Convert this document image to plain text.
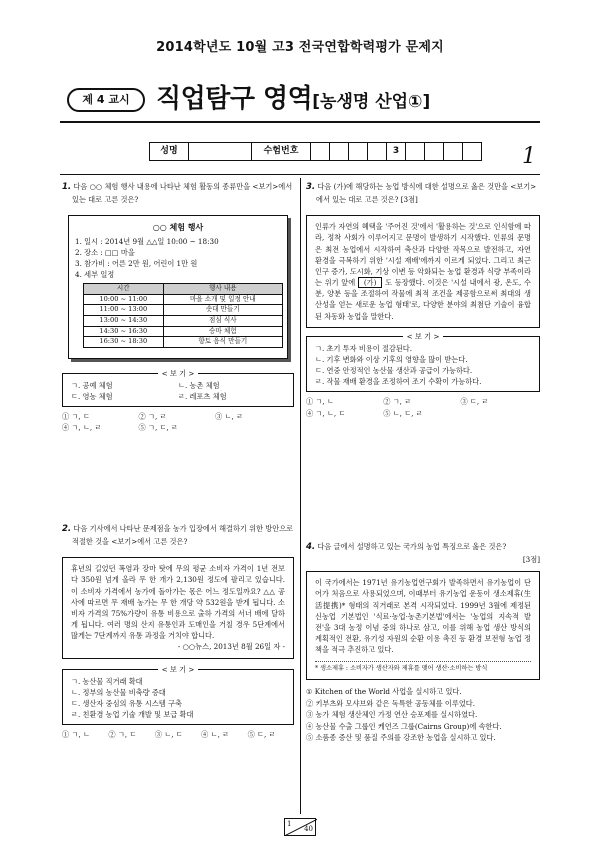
2014학년도 10월 고3 전국연합학력평가 문제지
제 4 교시	직업탐구 영역[농생명 산업①]
성명	수험번호	3	1
1. 다음 ○○ 체험 행사 내용에 나타난 체험 활동의 종류만을 <보기>에서 있는 대로 고른 것은?
○○ 체험 행사
1. 일시 : 2014년 9월 △△일 10:00 ~ 18:30
2. 장소 : □□ 마을
3. 참가비 : 어른 2만 원, 어린이 1만 원
4. 세부 일정
시간	행사 내용
10:00 ~ 11:00	마을 소개 및 일정 안내
11:00 ~ 13:00	솟대 만들기
13:00 ~ 14:30	점심 식사
14:30 ~ 16:30	승마 체험
16:30 ~ 18:30	향토 음식 만들기
< 보 기 >
ㄱ. 공예 체험	ㄴ. 농촌 체험
ㄷ. 영농 체험	ㄹ. 레포츠 체험
① ㄱ, ㄷ	② ㄱ, ㄹ	③ ㄴ, ㄹ
④ ㄱ, ㄴ, ㄹ	⑤ ㄱ, ㄷ, ㄹ
2. 다음 기사에서 나타난 문제점을 농가 입장에서 해결하기 위한 방안으로 적절한 것을 <보기>에서 고른 것은?
휴년의 길었던 폭염과 장마 탓에 무의 평균 소비자 가격이 1년 전보다 350원 넘게 올라 무 한 개가 2,130원 정도에 팔리고 있습니다. 이 소비자 가격에서 농가에 돌아가는 몫은 어느 정도일까요? △△ 공사에 따르면 무 재배 농가는 무 한 개당 약 532원을 받게 됩니다. 소비자 가격의 75%가량이 유통 비용으로 출하 가격의 서너 배에 달하게 됩니다. 여러 명의 산지 유통인과 도매인을 거칠 경우 5단계에서 많게는 7단계까지 유통 과정을 거치야 합니다.
- ○○뉴스, 2013년 8월 26일 자 -
< 보 기 >
ㄱ. 농산물 직거래 확대
ㄴ. 정부의 농산물 비축량 증대
ㄷ. 생산자 중심의 유통 시스템 구축
ㄹ. 친환경 농업 기술 개발 및 보급 확대
① ㄱ, ㄴ	② ㄱ, ㄷ	③ ㄴ, ㄷ	④ ㄴ, ㄹ	⑤ ㄷ, ㄹ
3. 다음 (가)에 해당하는 농업 방식에 대한 설명으로 옳은 것만을 <보기>에서 있는 대로 고른 것은? [3점]
인류가 자연의 혜택을 '주어진 것'에서 '활용하는 것'으로 인식함에 따라, 정착 사회가 이루어지고 문명이 발생하기 시작했다. 인류의 문명은 최전 농업에서 시작하여 축산과 다양한 작목으로 발전하고, 자연 환경을 극복하기 위한 '시설 재배'에까지 이르게 되었다. 그리고 최근 인구 증가, 도시화, 기상 이변 등 악화되는 농업 환경과 식량 부족이라는 위기 앞에 (가) 도 등장했다. 이것은 '시설 내에서 광, 온도, 수분, 양분 등을 조절하여 작물에 최적 조건을 제공함으로써 최대의 생산성을 얻는 새로운 농업 형태'로, 다양한 분야의 최첨단 기술이 융합된 차동화 농업을 말한다.
< 보 기 >
ㄱ. 초기 투자 비용이 절감된다.
ㄴ. 기후 변화와 이상 기후의 영향을 많이 받는다.
ㄷ. 연중 안정적인 농산물 생산과 공급이 가능하다.
ㄹ. 작물 재배 환경을 조정하여 조기 수확이 가능하다.
① ㄱ, ㄴ	② ㄱ, ㄹ	③ ㄷ, ㄹ
④ ㄱ, ㄴ, ㄷ	⑤ ㄴ, ㄷ, ㄹ
4. 다음 글에서 설명하고 있는 국가의 농업 특징으로 옳은 것은?
[3점]
이 국가에서는 1971년 유기농업연구회가 발족하면서 유기농업이 단어가 처음으로 사용되었으며, 이때부터 유기농업 운동이 생소제휴(生活提携)* 형태의 직거래로 본격 시작되었다. 1999년 3월에 제정된 신농업 기본법인 '식료·농업·농촌기본법'에서는 '농업의 지속적 발전'을 3대 농정 이념 중의 하나로 삼고, 이를 위해 농업 생산 방식의 계획적인 전환, 유기성 자원의 순환 이용 촉진 등 환경 보전형 농업 정책을 적극 추진하고 있다.
* 생소제휴 : 소비자가 생산자와 제휴를 맺어 생산·소비하는 방식
① Kitchen of the World 사업을 실시하고 있다.
② 키부츠와 모샤브와 같은 독특한 공동체를 이루었다.
③ 농가 체험 생산체인 가정 연산 승포제를 실시하였다.
④ 농산물 수출 그룹인 케언즈 그룹(Cairns Group)에 속한다.
⑤ 소품종 증산 및 품질 주의를 강조한 농업을 실시하고 있다.
1
40
